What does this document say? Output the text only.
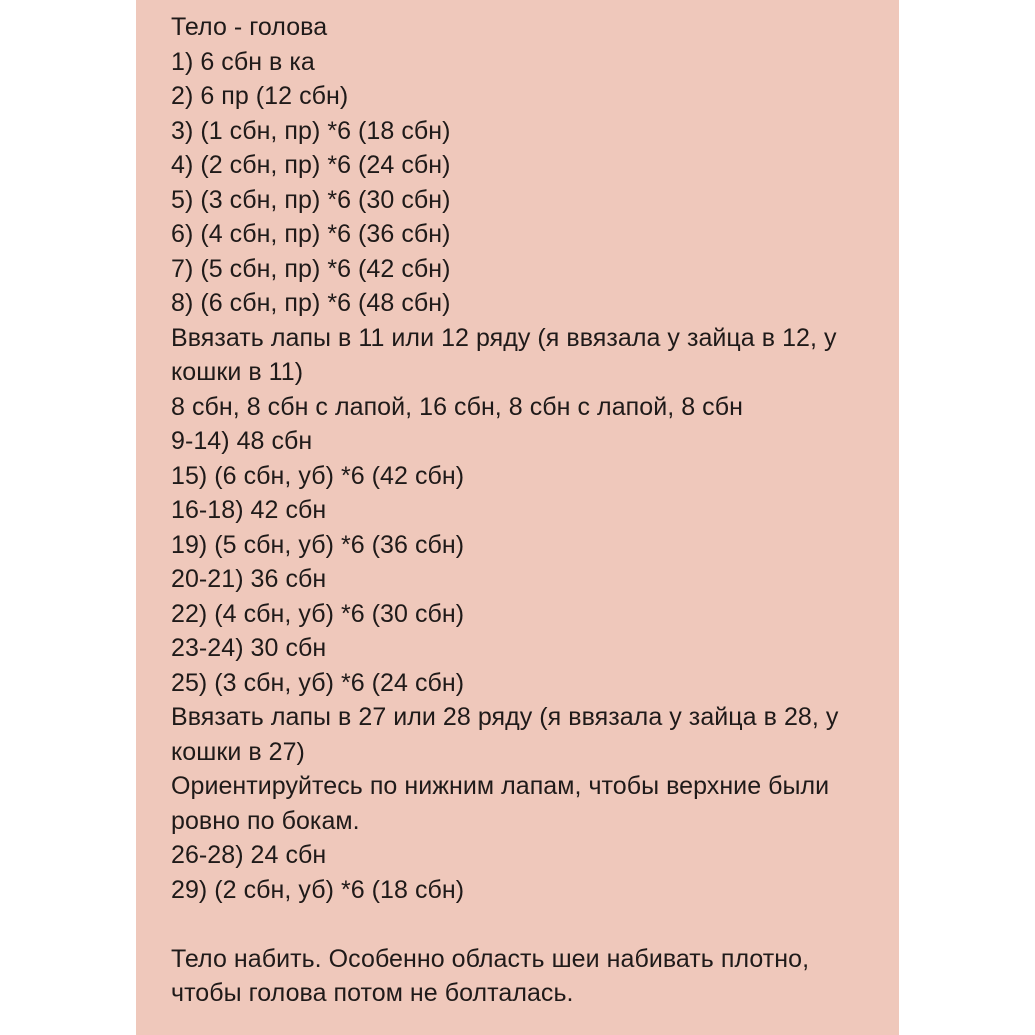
Тело - голова
1) 6 сбн в ка
2) 6 пр (12 сбн)
3) (1 сбн, пр) *6 (18 сбн)
4) (2 сбн, пр) *6 (24 сбн)
5) (3 сбн, пр) *6 (30 сбн)
6) (4 сбн, пр) *6 (36 сбн)
7) (5 сбн, пр) *6 (42 сбн)
8) (6 сбн, пр) *6 (48 сбн)
Ввязать лапы в 11 или 12 ряду (я ввязала у зайца в 12, у кошки в 11)
8 сбн, 8 сбн с лапой, 16 сбн, 8 сбн с лапой, 8 сбн
9-14) 48 сбн
15) (6 сбн, уб) *6 (42 сбн)
16-18) 42 сбн
19) (5 сбн, уб) *6 (36 сбн)
20-21) 36 сбн
22) (4 сбн, уб) *6 (30 сбн)
23-24) 30 сбн
25) (3 сбн, уб) *6 (24 сбн)
Ввязать лапы в 27 или 28 ряду (я ввязала у зайца в 28, у кошки в 27)
Ориентируйтесь по нижним лапам, чтобы верхние были ровно по бокам.
26-28) 24 сбн
29) (2 сбн, уб) *6 (18 сбн)
Тело набить. Особенно область шеи набивать плотно, чтобы голова потом не болталась.
